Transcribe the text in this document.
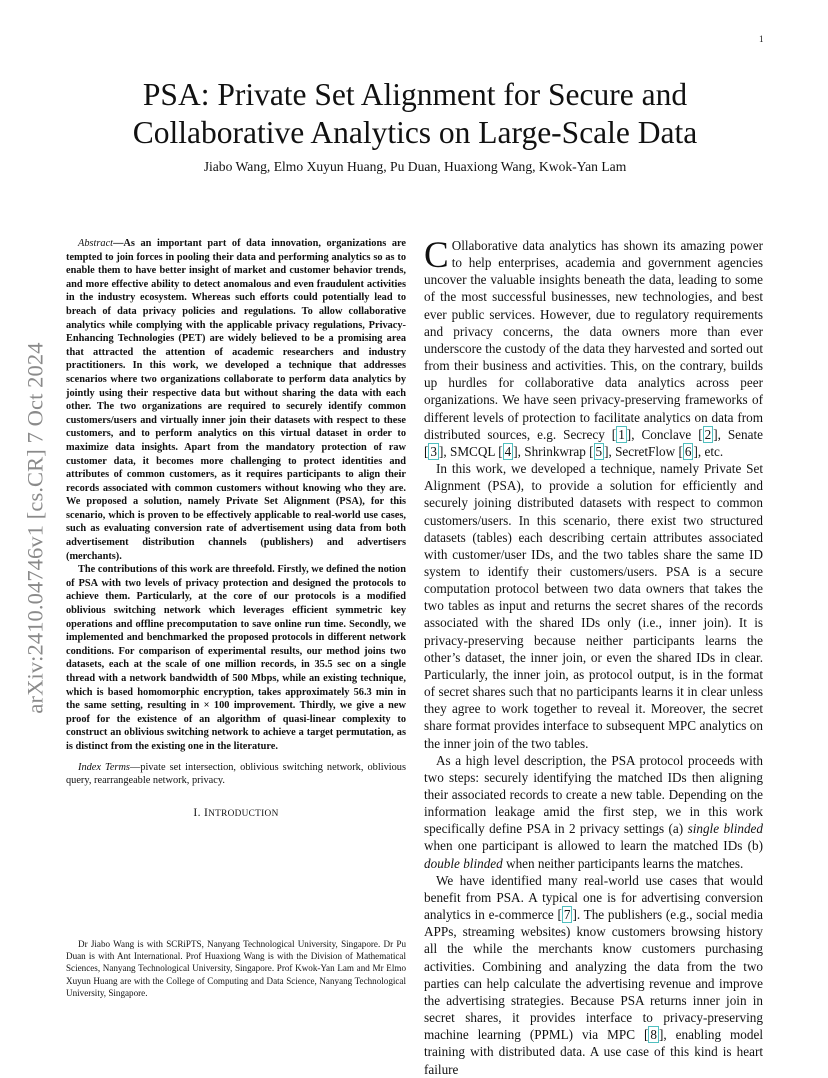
1
arXiv:2410.04746v1 [cs.CR] 7 Oct 2024
PSA: Private Set Alignment for Secure and
Collaborative Analytics on Large-Scale Data
Jiabo Wang, Elmo Xuyun Huang, Pu Duan, Huaxiong Wang, Kwok-Yan Lam

Abstract—As an important part of data innovation, organizations are tempted to join forces in pooling their data and performing analytics so as to enable them to have better insight of market and customer behavior trends, and more effective ability to detect anomalous and even fraudulent activities in the industry ecosystem. Whereas such efforts could potentially lead to breach of data privacy policies and regulations. To allow collaborative analytics while complying with the applicable privacy regulations, Privacy-Enhancing Technologies (PET) are widely believed to be a promising area that attracted the attention of academic researchers and industry practitioners. In this work, we developed a technique that addresses scenarios where two organizations collaborate to perform data analytics by jointly using their respective data but without sharing the data with each other. The two organizations are required to securely identify common customers/users and virtually inner join their datasets with respect to these customers, and to perform analytics on this virtual dataset in order to maximize data insights. Apart from the mandatory protection of raw customer data, it becomes more challenging to protect identities and attributes of common customers, as it requires participants to align their records associated with common customers without knowing who they are. We proposed a solution, namely Private Set Alignment (PSA), for this scenario, which is proven to be effectively applicable to real-world use cases, such as evaluating conversion rate of advertisement using data from both advertisement distribution channels (publishers) and advertisers (merchants).

The contributions of this work are threefold. Firstly, we defined the notion of PSA with two levels of privacy protection and designed the protocols to achieve them. Particularly, at the core of our protocols is a modified oblivious switching network which leverages efficient symmetric key operations and offline precomputation to save online run time. Secondly, we implemented and benchmarked the proposed protocols in different network conditions. For comparison of experimental results, our method joins two datasets, each at the scale of one million records, in 35.5 sec on a single thread with a network bandwidth of 500 Mbps, while an existing technique, which is based homomorphic encryption, takes approximately 56.3 min in the same setting, resulting in × 100 improvement. Thirdly, we give a new proof for the existence of an algorithm of quasi-linear complexity to construct an oblivious switching network to achieve a target permutation, as is distinct from the existing one in the literature.

Index Terms—pivate set intersection, oblivious switching network, oblivious query, rearrangeable network, privacy.

I. INTRODUCTION
Dr Jiabo Wang is with SCRiPTS, Nanyang Technological University, Singapore. Dr Pu Duan is with Ant International. Prof Huaxiong Wang is with the Division of Mathematical Sciences, Nanyang Technological University, Singapore. Prof Kwok-Yan Lam and Mr Elmo Xuyun Huang are with the College of Computing and Data Science, Nanyang Technological University, Singapore.

C Ollaborative data analytics has shown its amazing power to help enterprises, academia and government agencies uncover the valuable insights beneath the data, leading to some of the most successful businesses, new technologies, and best ever public services. However, due to regulatory requirements and privacy concerns, the data owners more than ever underscore the custody of the data they harvested and sorted out from their business and activities. This, on the contrary, builds up hurdles for collaborative data analytics across peer organizations. We have seen privacy-preserving frameworks of different levels of protection to facilitate analytics on data from distributed sources, e.g. Secrecy [ 1 ], Conclave [ 2 ], Senate [ 3 ], SMCQL [ 4 ], Shrinkwrap [ 5 ], SecretFlow [ 6 ], etc.

In this work, we developed a technique, namely Private Set Alignment (PSA), to provide a solution for efficiently and securely joining distributed datasets with respect to common customers/users. In this scenario, there exist two structured datasets (tables) each describing certain attributes associated with customer/user IDs, and the two tables share the same ID system to identify their customers/users. PSA is a secure computation protocol between two data owners that takes the two tables as input and returns the secret shares of the records associated with the shared IDs only (i.e., inner join). It is privacy-preserving because neither participants learns the other’s dataset, the inner join, or even the shared IDs in clear. Particularly, the inner join, as protocol output, is in the format of secret shares such that no participants learns it in clear unless they agree to work together to reveal it. Moreover, the secret share format provides interface to subsequent MPC analytics on the inner join of the two tables.

As a high level description, the PSA protocol proceeds with two steps: securely identifying the matched IDs then aligning their associated records to create a new table. Depending on the information leakage amid the first step, we in this work specifically define PSA in 2 privacy settings (a) single blinded when one participant is allowed to learn the matched IDs (b) double blinded when neither participants learns the matches.

We have identified many real-world use cases that would benefit from PSA. A typical one is for advertising conversion analytics in e-commerce [ 7 ]. The publishers (e.g., social media APPs, streaming websites) know customers browsing history all the while the merchants know customers purchasing activities. Combining and analyzing the data from the two parties can help calculate the advertising revenue and improve the advertising strategies. Because PSA returns inner join in secret shares, it provides interface to privacy-preserving machine learning (PPML) via MPC [ 8 ], enabling model training with distributed data. A use case of this kind is heart failure
